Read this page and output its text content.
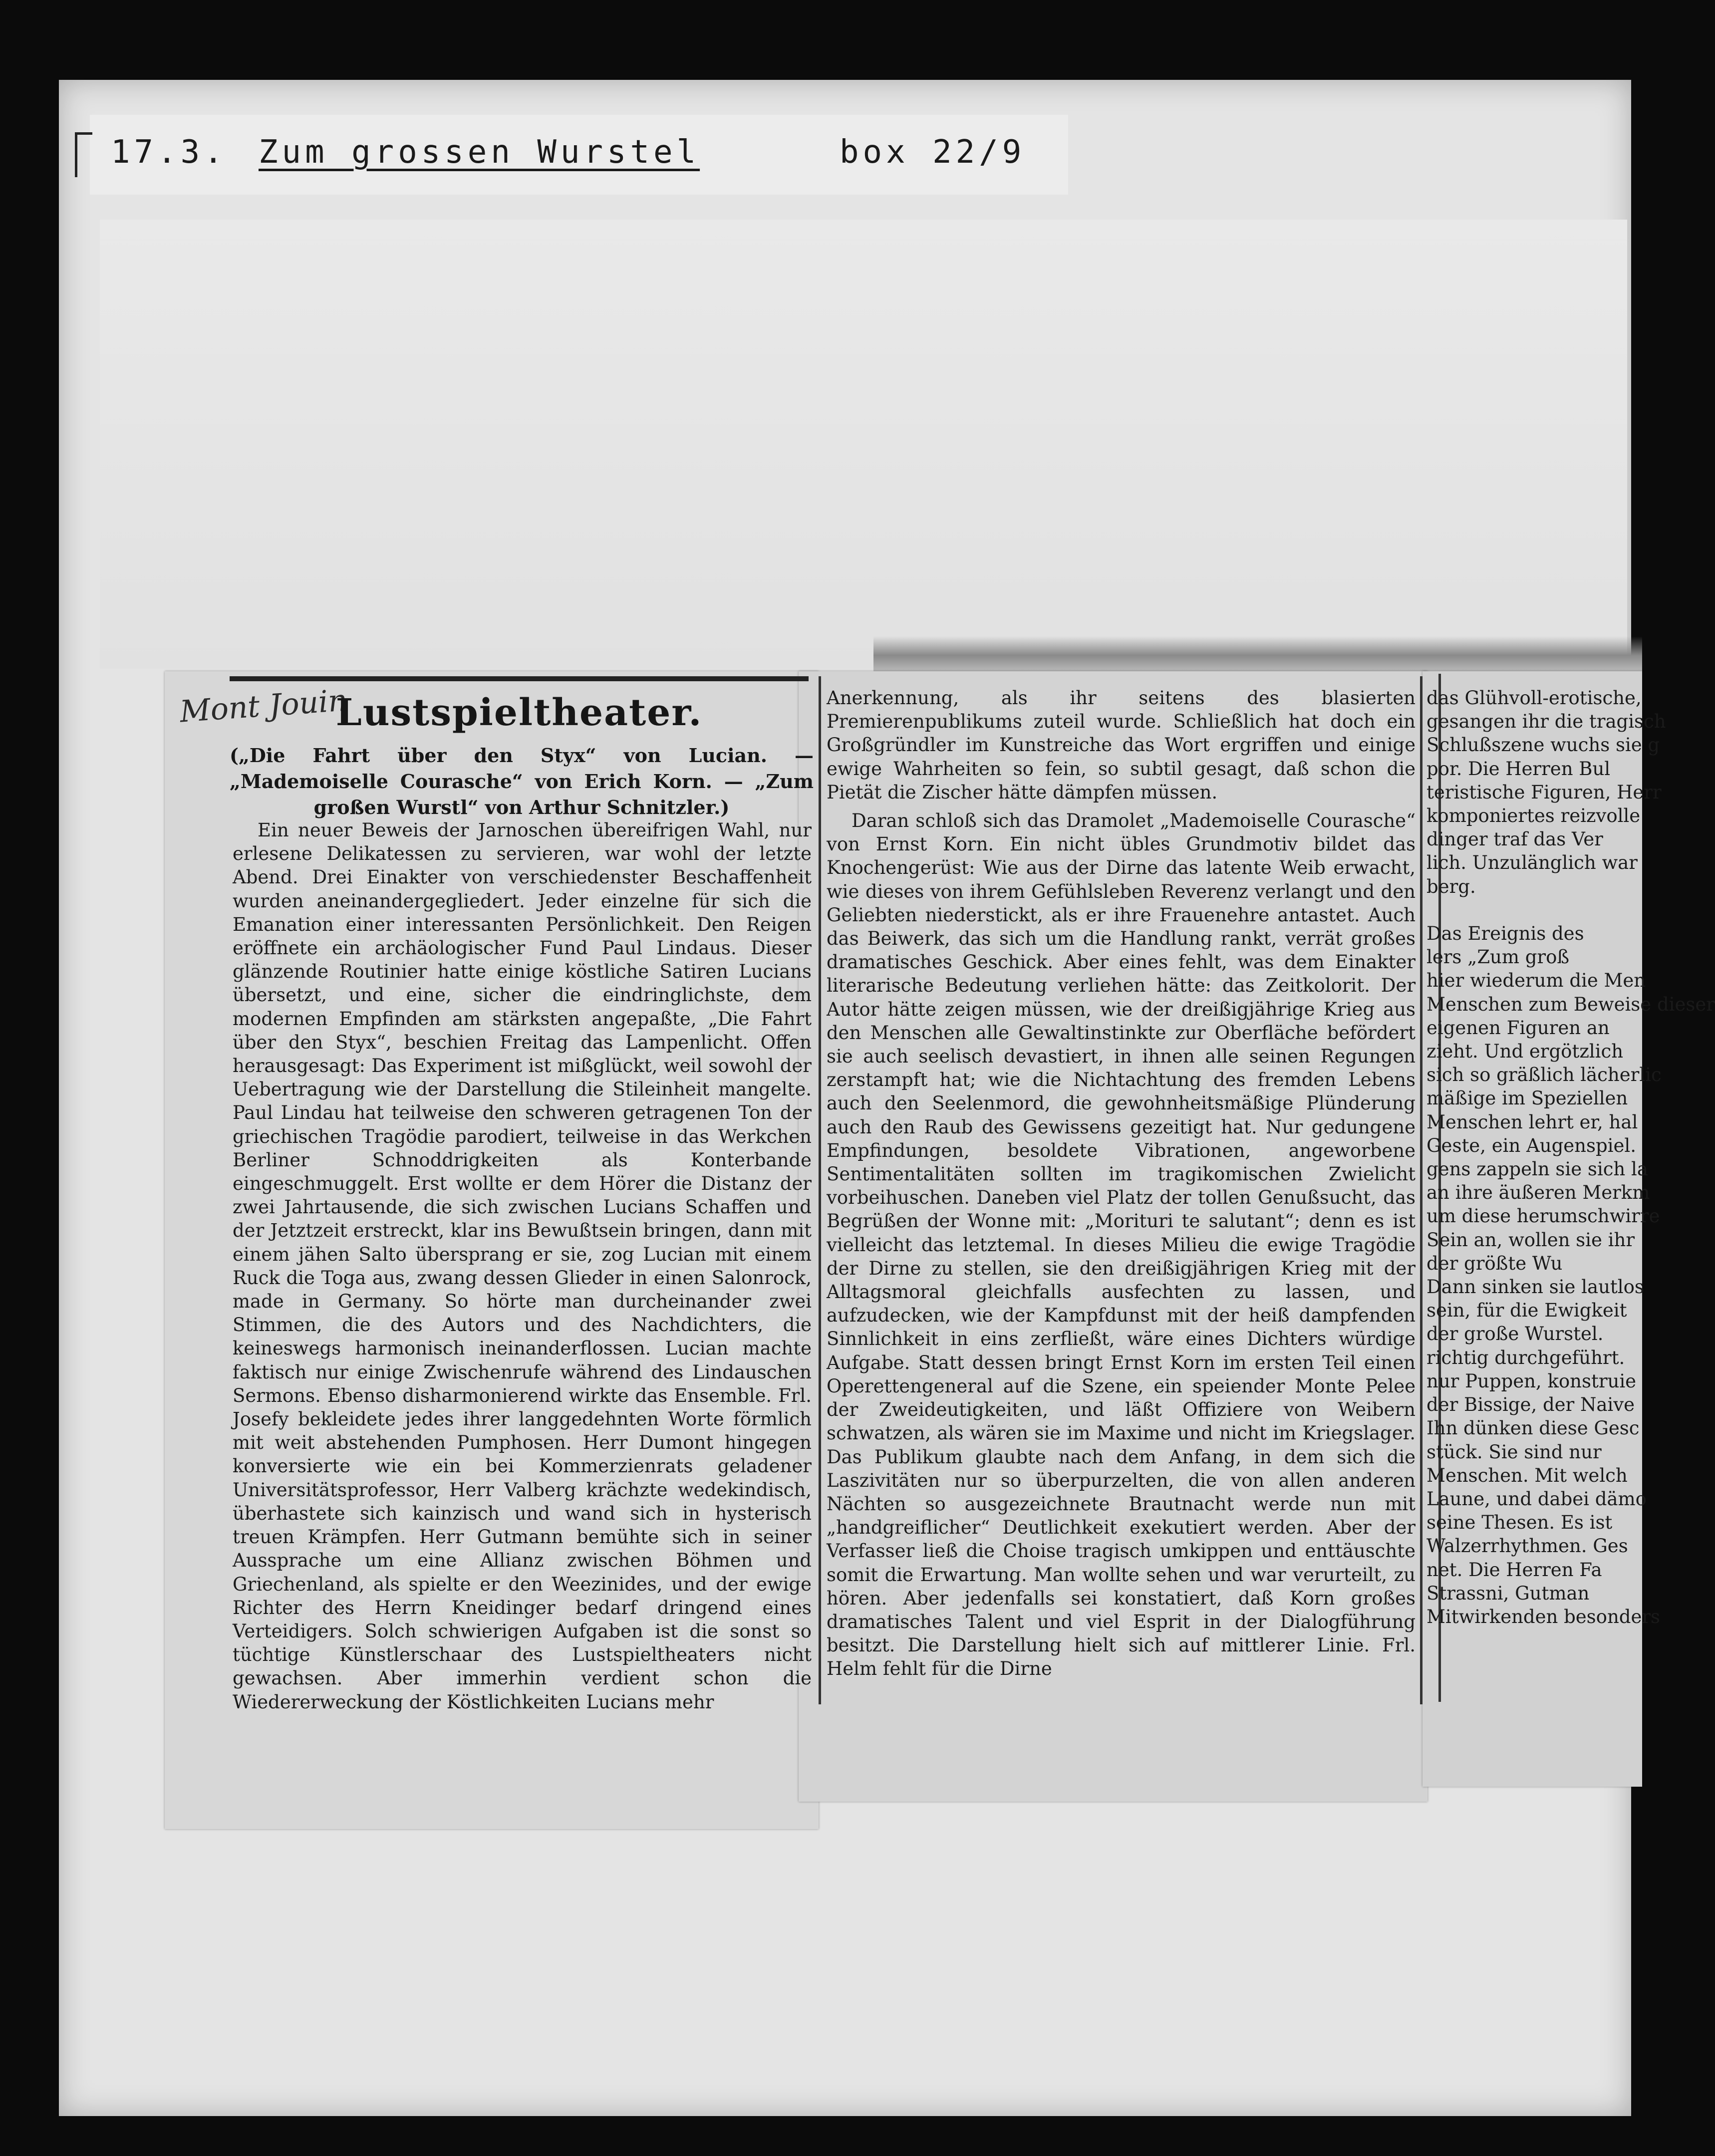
17.3. Zum grossen Wurstel	box 22/9
Mont Jouin
Lustspieltheater.
(„Die Fahrt über den Styx“ von Lucian. — „Mademoiselle Courasche“ von Erich Korn. — „Zum großen Wurstl“ von Arthur Schnitzler.)

Ein neuer Beweis der Jarnoschen übereifrigen Wahl, nur erlesene Delikatessen zu servieren, war wohl der letzte Abend. Drei Einakter von verschiedenster Beschaffenheit wurden aneinandergegliedert. Jeder einzelne für sich die Emanation einer interessanten Persönlichkeit. Den Reigen eröffnete ein archäologischer Fund Paul Lindaus. Dieser glänzende Routinier hatte einige köstliche Satiren Lucians übersetzt, und eine, sicher die eindringlichste, dem modernen Empfinden am stärksten angepaßte, „Die Fahrt über den Styx“, beschien Freitag das Lampenlicht. Offen herausgesagt: Das Experiment ist mißglückt, weil sowohl der Uebertragung wie der Darstellung die Stileinheit mangelte. Paul Lindau hat teilweise den schweren getragenen Ton der griechischen Tragödie parodiert, teilweise in das Werkchen Berliner Schnoddrigkeiten als Konterbande eingeschmuggelt. Erst wollte er dem Hörer die Distanz der zwei Jahrtausende, die sich zwischen Lucians Schaffen und der Jetztzeit erstreckt, klar ins Bewußtsein bringen, dann mit einem jähen Salto übersprang er sie, zog Lucian mit einem Ruck die Toga aus, zwang dessen Glieder in einen Salonrock, made in Germany. So hörte man durcheinander zwei Stimmen, die des Autors und des Nachdichters, die keineswegs harmonisch ineinanderflossen. Lucian machte faktisch nur einige Zwischenrufe während des Lindauschen Sermons. Ebenso disharmonierend wirkte das Ensemble. Frl. Josefy bekleidete jedes ihrer langgedehnten Worte förmlich mit weit abstehenden Pumphosen. Herr Dumont hingegen konversierte wie ein bei Kommerzienrats geladener Universitätsprofessor, Herr Valberg krächzte wedekindisch, überhastete sich kainzisch und wand sich in hysterisch treuen Krämpfen. Herr Gutmann bemühte sich in seiner Aussprache um eine Allianz zwischen Böhmen und Griechenland, als spielte er den Weezinides, und der ewige Richter des Herrn Kneidinger bedarf dringend eines Verteidigers. Solch schwierigen Aufgaben ist die sonst so tüchtige Künstlerschaar des Lustspieltheaters nicht gewachsen. Aber immerhin verdient schon die Wiedererweckung der Köstlichkeiten Lucians mehr

Anerkennung, als ihr seitens des blasierten Premierenpublikums zuteil wurde. Schließlich hat doch ein Großgründler im Kunstreiche das Wort ergriffen und einige ewige Wahrheiten so fein, so subtil gesagt, daß schon die Pietät die Zischer hätte dämpfen müssen.

Daran schloß sich das Dramolet „Mademoiselle Courasche“ von Ernst Korn. Ein nicht übles Grundmotiv bildet das Knochengerüst: Wie aus der Dirne das latente Weib erwacht, wie dieses von ihrem Gefühlsleben Reverenz verlangt und den Geliebten niederstickt, als er ihre Frauenehre antastet. Auch das Beiwerk, das sich um die Handlung rankt, verrät großes dramatisches Geschick. Aber eines fehlt, was dem Einakter literarische Bedeutung verliehen hätte: das Zeitkolorit. Der Autor hätte zeigen müssen, wie der dreißigjährige Krieg aus den Menschen alle Gewaltinstinkte zur Oberfläche befördert sie auch seelisch devastiert, in ihnen alle seinen Regungen zerstampft hat; wie die Nichtachtung des fremden Lebens auch den Seelenmord, die gewohnheitsmäßige Plünderung auch den Raub des Gewissens gezeitigt hat. Nur gedungene Empfindungen, besoldete Vibrationen, angeworbene Sentimentalitäten sollten im tragikomischen Zwielicht vorbeihuschen. Daneben viel Platz der tollen Genußsucht, das Begrüßen der Wonne mit: „Morituri te salutant“; denn es ist vielleicht das letztemal. In dieses Milieu die ewige Tragödie der Dirne zu stellen, sie den dreißigjährigen Krieg mit der Alltagsmoral gleichfalls ausfechten zu lassen, und aufzudecken, wie der Kampfdunst mit der heiß dampfenden Sinnlichkeit in eins zerfließt, wäre eines Dichters würdige Aufgabe. Statt dessen bringt Ernst Korn im ersten Teil einen Operettengeneral auf die Szene, ein speiender Monte Pelee der Zweideutigkeiten, und läßt Offiziere von Weibern schwatzen, als wären sie im Maxime und nicht im Kriegslager. Das Publikum glaubte nach dem Anfang, in dem sich die Laszivitäten nur so überpurzelten, die von allen anderen Nächten so ausgezeichnete Brautnacht werde nun mit „handgreiflicher“ Deutlichkeit exekutiert werden. Aber der Verfasser ließ die Choise tragisch umkippen und enttäuschte somit die Erwartung. Man wollte sehen und war verurteilt, zu hören. Aber jedenfalls sei konstatiert, daß Korn großes dramatisches Talent und viel Esprit in der Dialogführung besitzt. Die Darstellung hielt sich auf mittlerer Linie. Frl. Helm fehlt für die Dirne

das Glühvoll-erotische,
gesangen ihr die tragisch
Schlußszene wuchs sie g
por. Die Herren Bul
teristische Figuren, Herr
komponiertes reizvolle
dinger traf das Ver
lich. Unzulänglich war
berg.

Das Ereignis des
lers „Zum groß
hier wiederum die Men
Menschen zum Beweise dieser
eigenen Figuren an
zieht. Und ergötzlich
sich so gräßlich lächerlic
mäßige im Speziellen
Menschen lehrt er, hal
Geste, ein Augenspiel.
gens zappeln sie sich la
an ihre äußeren Merkm
um diese herumschwirre
Sein an, wollen sie ihr
der größte Wu
Dann sinken sie lautlos
sein, für die Ewigkeit
der große Wurstel.
richtig durchgeführt.
nur Puppen, konstruie
der Bissige, der Naive
Ihn dünken diese Gesc
stück. Sie sind nur
Menschen. Mit welch
Laune, und dabei dämo
seine Thesen. Es ist
Walzerrhythmen. Ges
net. Die Herren Fa
Strassni, Gutman
Mitwirkenden besonders
